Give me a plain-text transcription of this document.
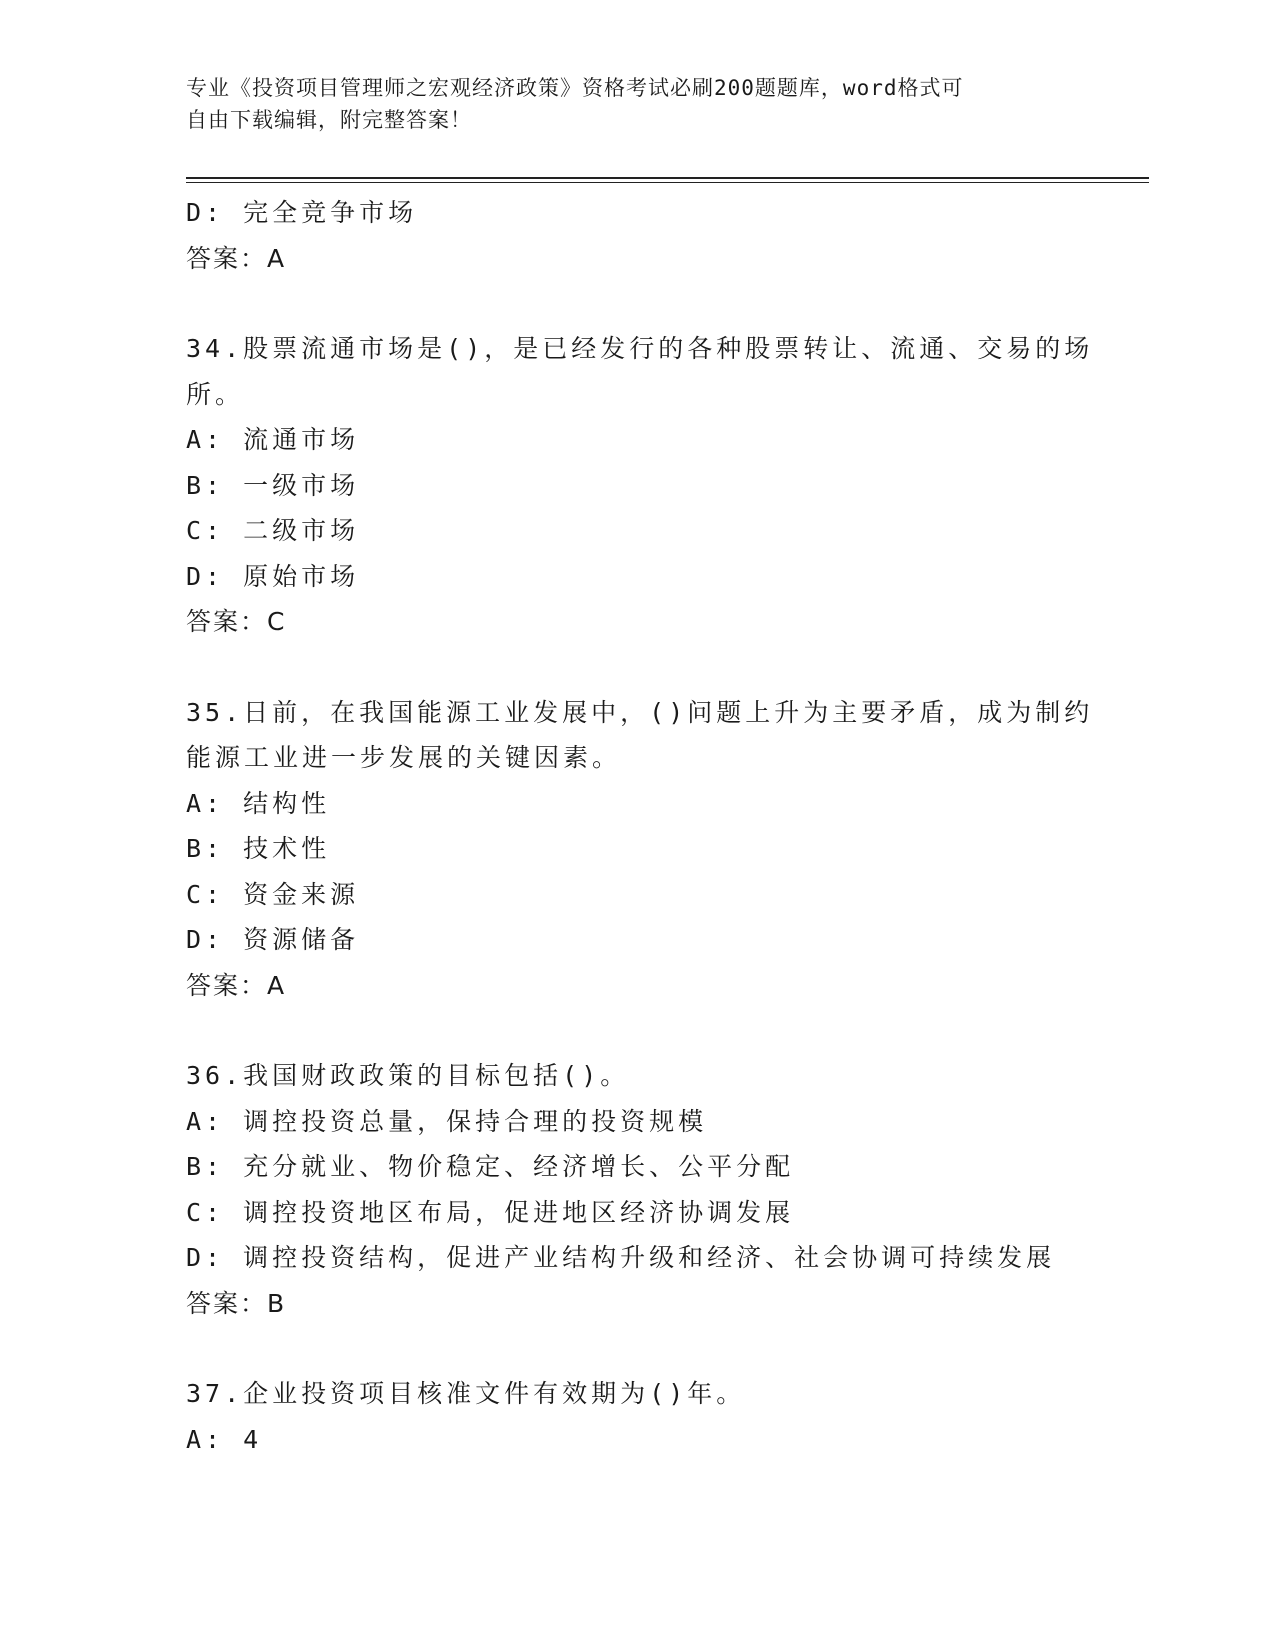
专业《投资项目管理师之宏观经济政策》资格考试必刷200题题库，word格式可
自由下载编辑，附完整答案！
D: 完全竞争市场
答案：A
34.股票流通市场是()，是已经发行的各种股票转让、流通、交易的场
所。
A: 流通市场
B: 一级市场
C: 二级市场
D: 原始市场
答案：C
35.日前，在我国能源工业发展中，()问题上升为主要矛盾，成为制约
能源工业进一步发展的关键因素。
A: 结构性
B: 技术性
C: 资金来源
D: 资源储备
答案：A
36.我国财政政策的目标包括()。
A: 调控投资总量，保持合理的投资规模
B: 充分就业、物价稳定、经济增长、公平分配
C: 调控投资地区布局，促进地区经济协调发展
D: 调控投资结构，促进产业结构升级和经济、社会协调可持续发展
答案：B
37.企业投资项目核准文件有效期为()年。
A: 4
